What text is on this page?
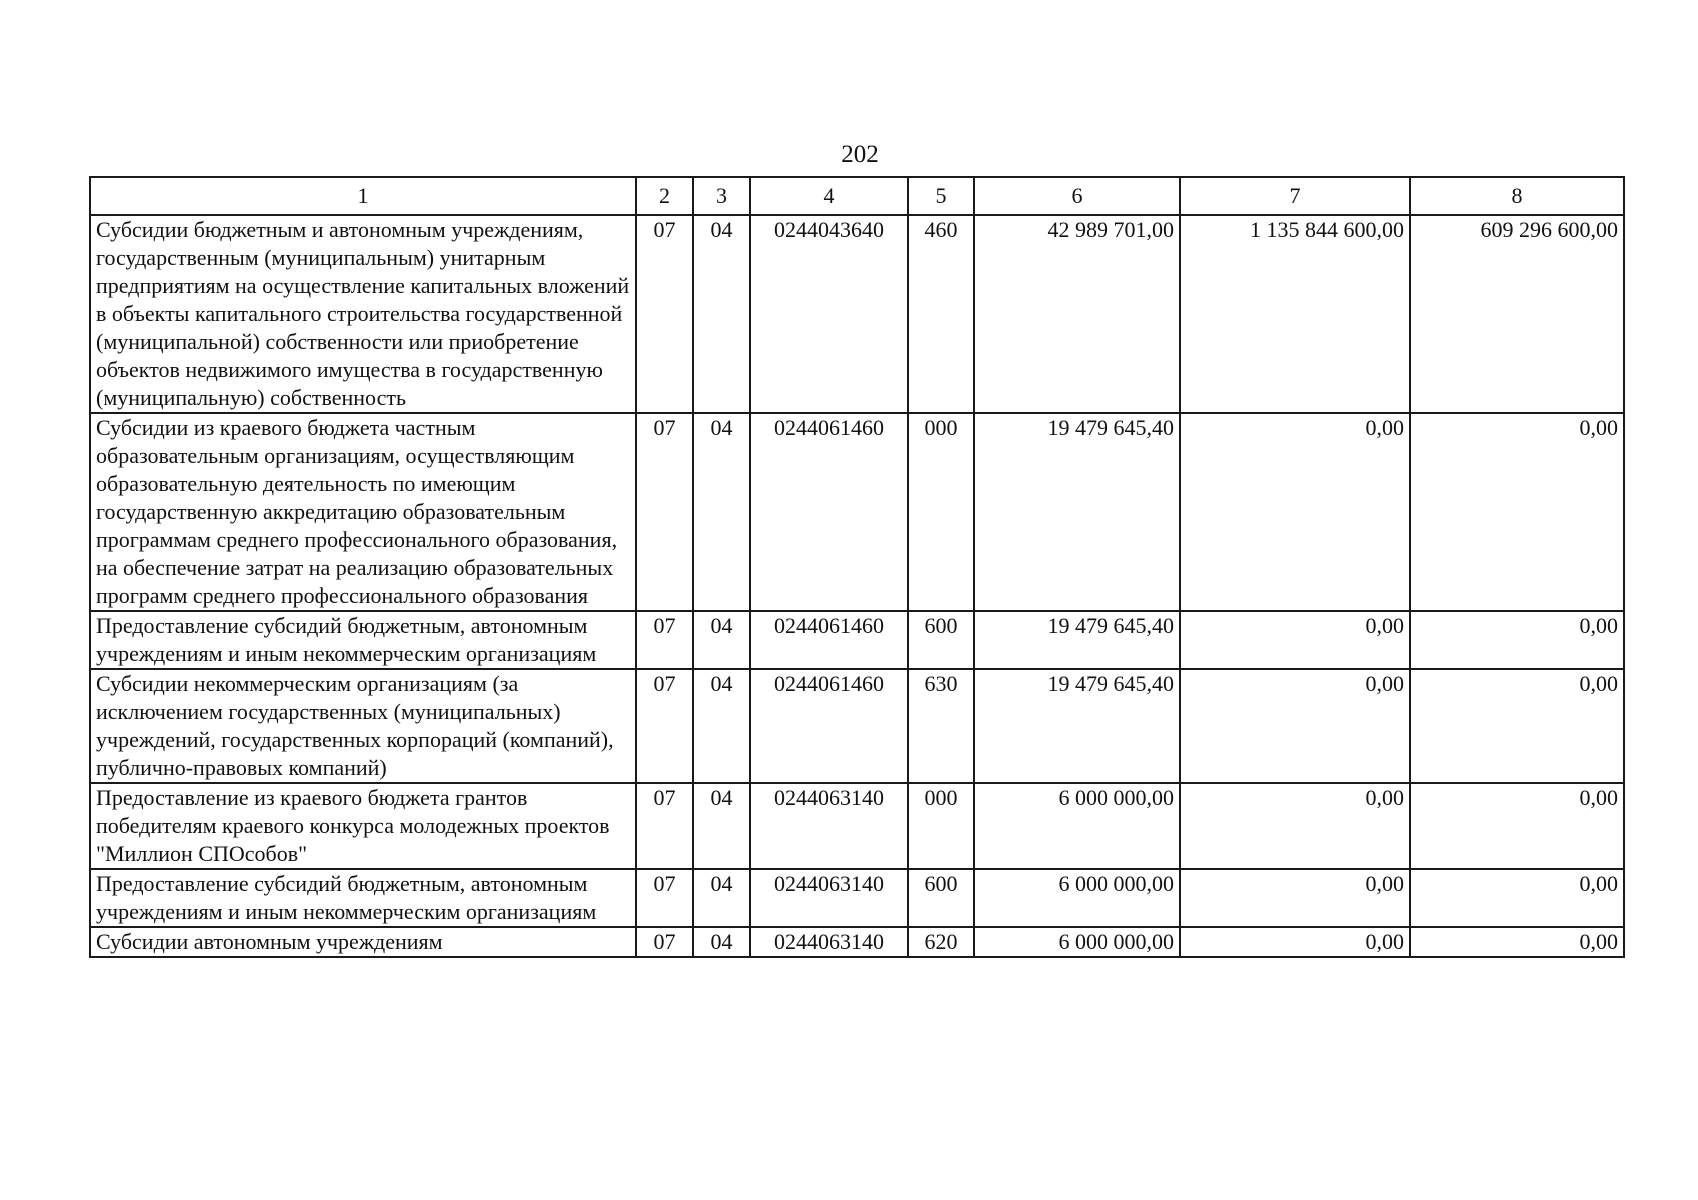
202
1	2	3	4	5	6	7	8
Субсидии бюджетным и автономным учреждениям, государственным (муниципальным) унитарным предприятиям на осуществление капитальных вложений в объекты капитального строительства государственной (муниципальной) собственности или приобретение объектов недвижимого имущества в государственную (муниципальную) собственность	07	04	0244043640	460	42 989 701,00	1 135 844 600,00	609 296 600,00
Субсидии из краевого бюджета частным образовательным организациям, осуществляющим образовательную деятельность по имеющим государственную аккредитацию образовательным программам среднего профессионального образования, на обеспечение затрат на реализацию образовательных программ среднего профессионального образования	07	04	0244061460	000	19 479 645,40	0,00	0,00
Предоставление субсидий бюджетным, автономным учреждениям и иным некоммерческим организациям	07	04	0244061460	600	19 479 645,40	0,00	0,00
Субсидии некоммерческим организациям (за исключением государственных (муниципальных) учреждений, государственных корпораций (компаний), публично-правовых компаний)	07	04	0244061460	630	19 479 645,40	0,00	0,00
Предоставление из краевого бюджета грантов победителям краевого конкурса молодежных проектов "Миллион СПОсобов"	07	04	0244063140	000	6 000 000,00	0,00	0,00
Предоставление субсидий бюджетным, автономным учреждениям и иным некоммерческим организациям	07	04	0244063140	600	6 000 000,00	0,00	0,00
Субсидии автономным учреждениям	07	04	0244063140	620	6 000 000,00	0,00	0,00
